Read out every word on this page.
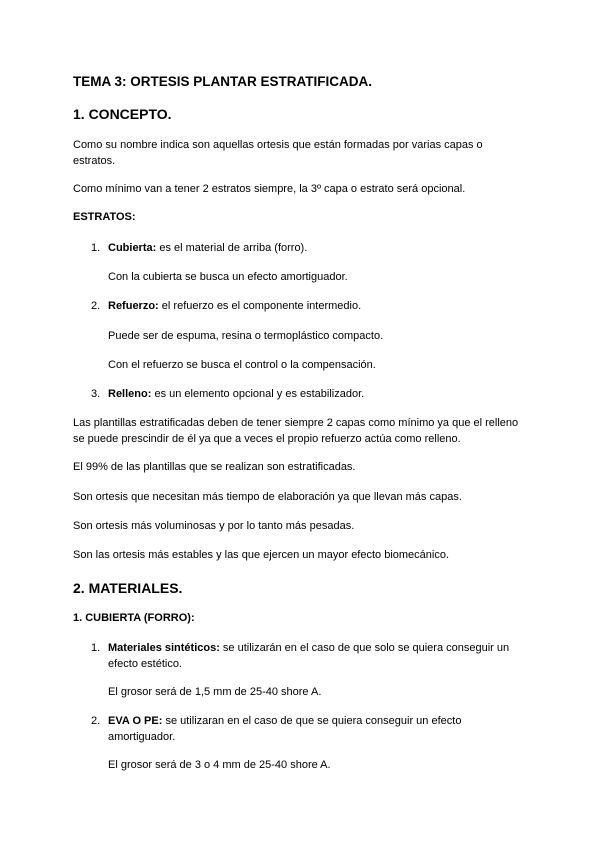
TEMA 3: ORTESIS PLANTAR ESTRATIFICADA.
1. CONCEPTO.
Como su nombre indica son aquellas ortesis que están formadas por varias capas o estratos.
Como mínimo van a tener 2 estratos siempre, la 3º capa o estrato será opcional.
ESTRATOS:
1. Cubierta: es el material de arriba (forro).
Con la cubierta se busca un efecto amortiguador.
2. Refuerzo: el refuerzo es el componente intermedio.
Puede ser de espuma, resina o termoplástico compacto.
Con el refuerzo se busca el control o la compensación.
3. Relleno: es un elemento opcional y es estabilizador.
Las plantillas estratificadas deben de tener siempre 2 capas como mínimo ya que el relleno se puede prescindir de él ya que a veces el propio refuerzo actúa como relleno.
El 99% de las plantillas que se realizan son estratificadas.
Son ortesis que necesitan más tiempo de elaboración ya que llevan más capas.
Son ortesis más voluminosas y por lo tanto más pesadas.
Son las ortesis más estables y las que ejercen un mayor efecto biomecánico.
2. MATERIALES.
1. CUBIERTA (FORRO):
1. Materiales sintéticos: se utilizarán en el caso de que solo se quiera conseguir un efecto estético.
El grosor será de 1,5 mm de 25-40 shore A.
2. EVA O PE: se utilizaran en el caso de que se quiera conseguir un efecto amortiguador.
El grosor será de 3 o 4 mm de 25-40 shore A.
